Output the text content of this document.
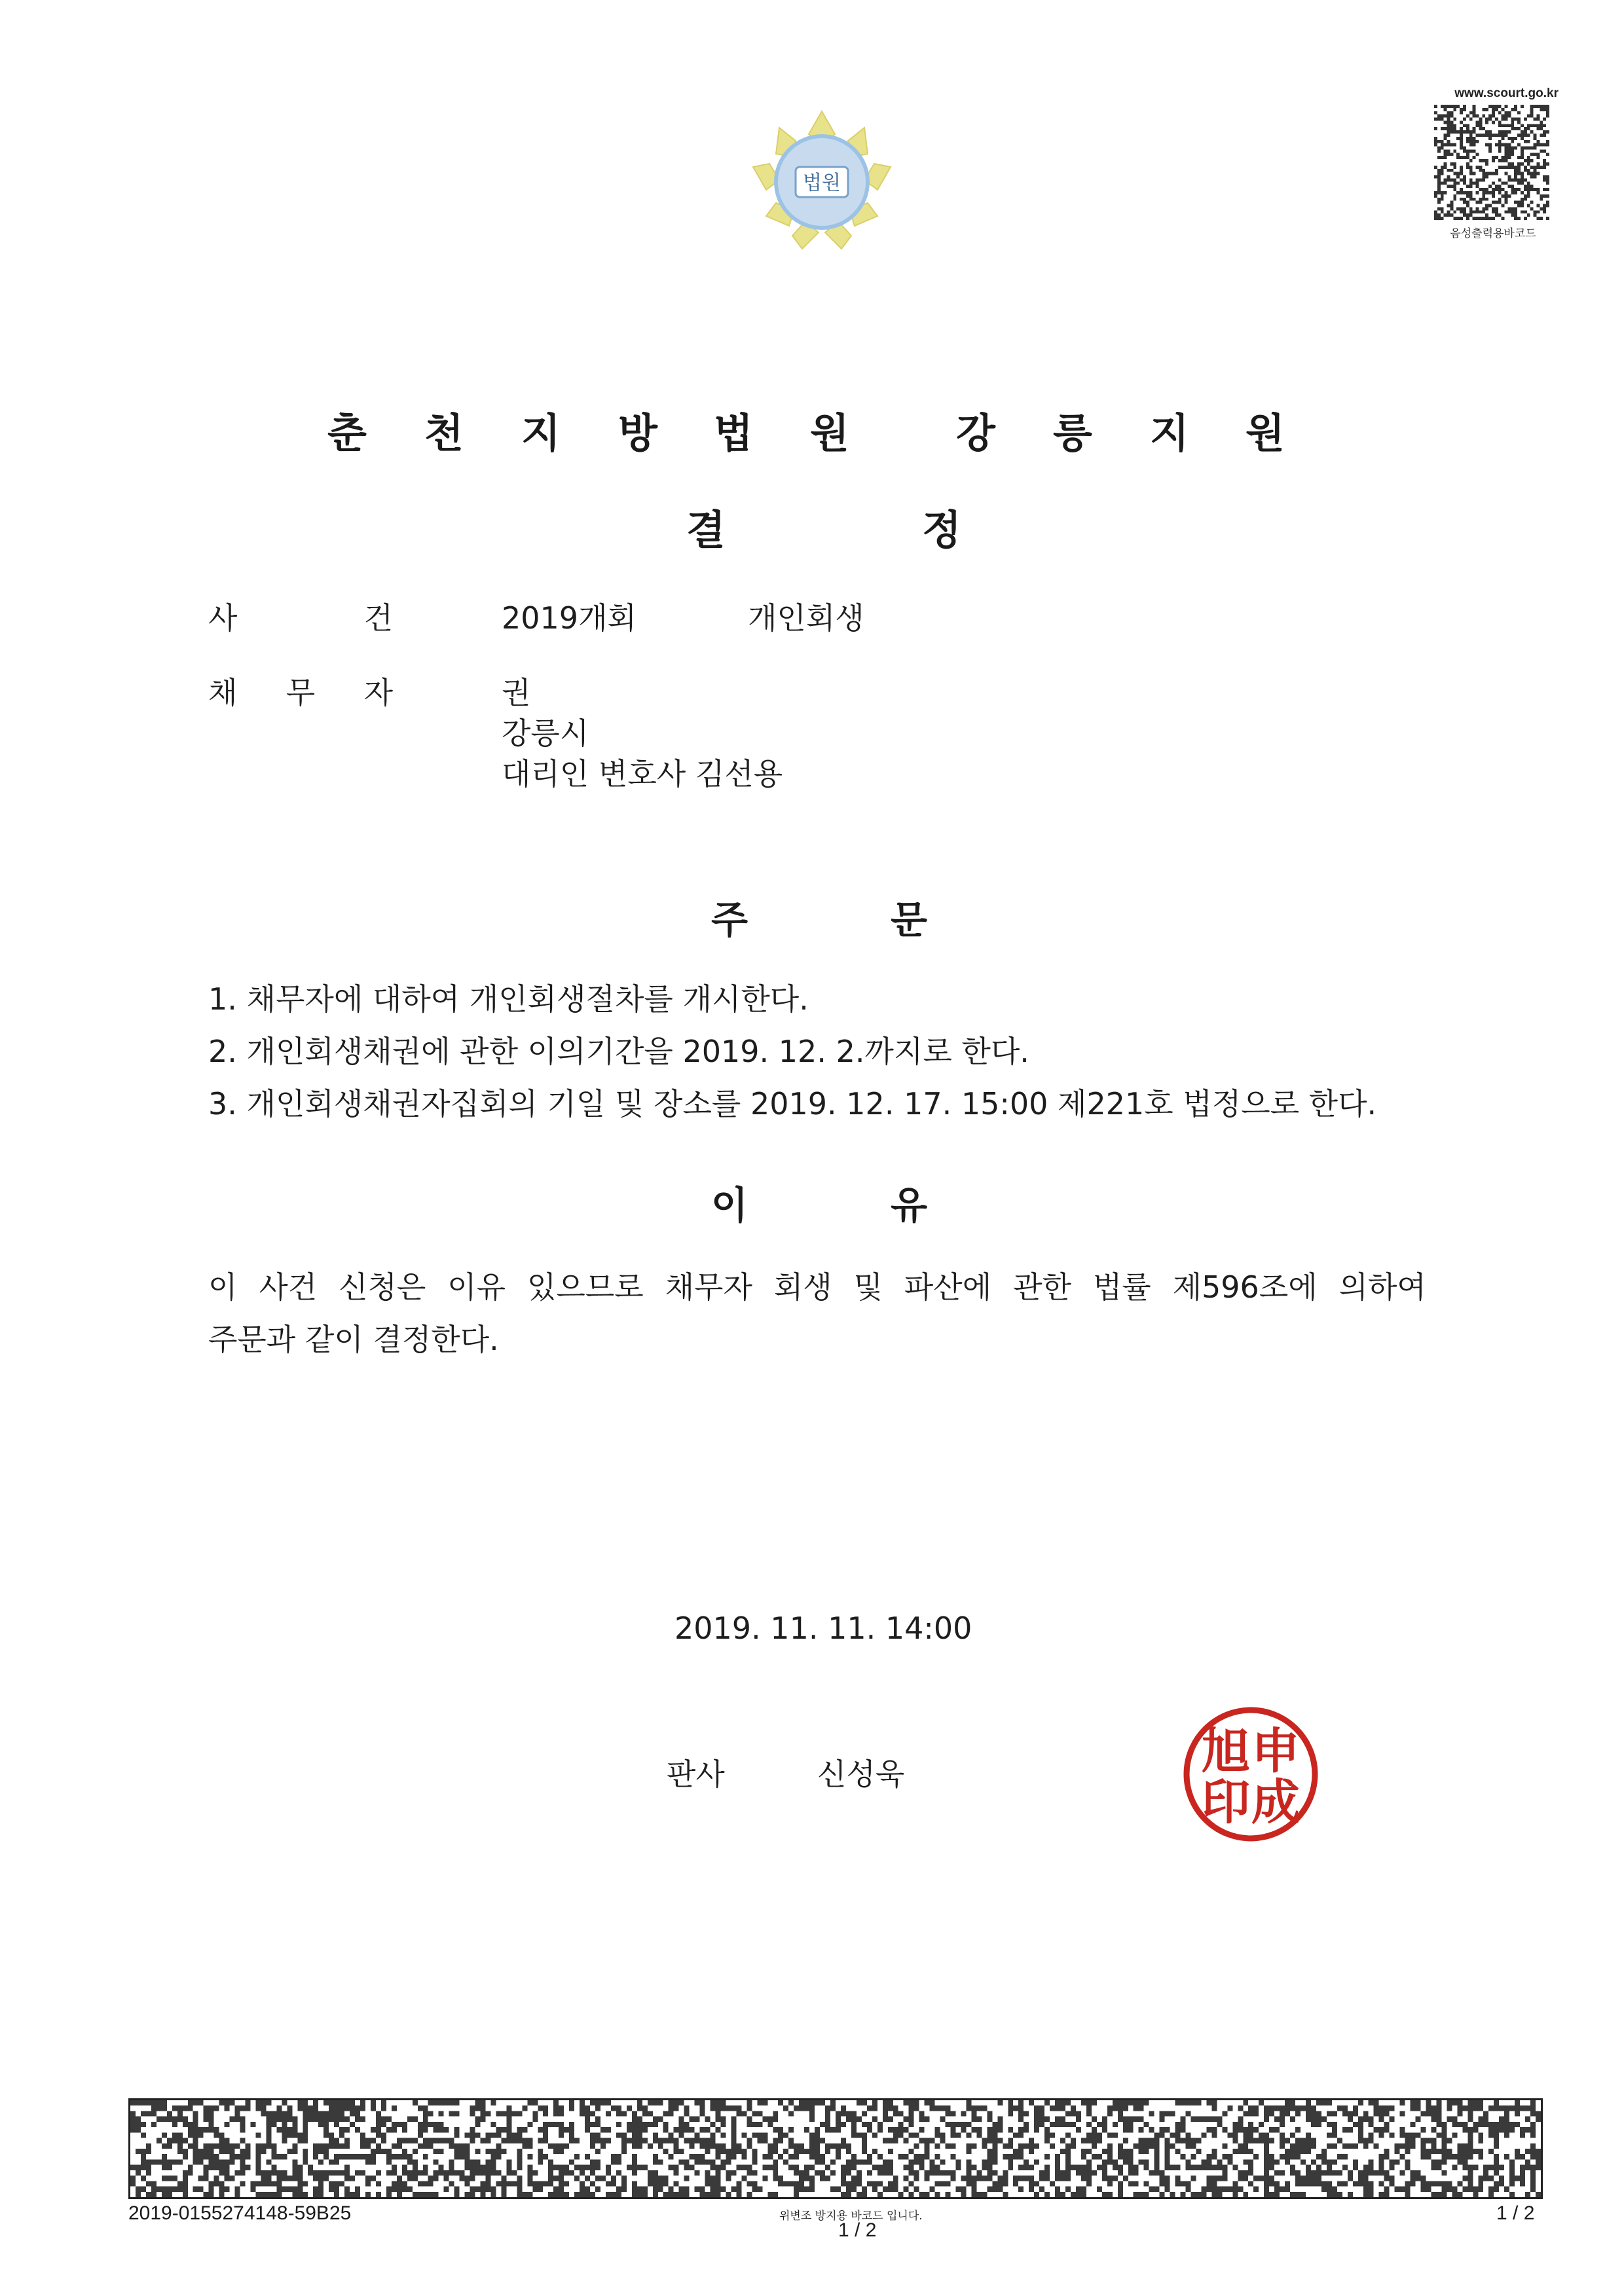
법원
www.scourt.go.kr
음성출력용바코드
춘 천 지 방 법 원	강 릉 지 원
결	정
사	건	2019개회	개인회생
채 무 자	권
강릉시
대리인 변호사 김선용
주	문
1. 채무자에 대하여 개인회생절차를 개시한다.
2. 개인회생채권에 관한 이의기간을 2019. 12. 2.까지로 한다.
3. 개인회생채권자집회의 기일 및 장소를 2019. 12. 17. 15:00 제221호 법정으로 한다.
이	유
이 사건 신청은 이유 있으므로 채무자 회생 및 파산에 관한 법률 제596조에 의하여
주문과 같이 결정한다.
2019. 11. 11. 14:00
판사	신성욱	申
成
旭
印
2019-0155274148-59B25	위변조 방지용 바코드 입니다.
1 / 2
1 / 2
